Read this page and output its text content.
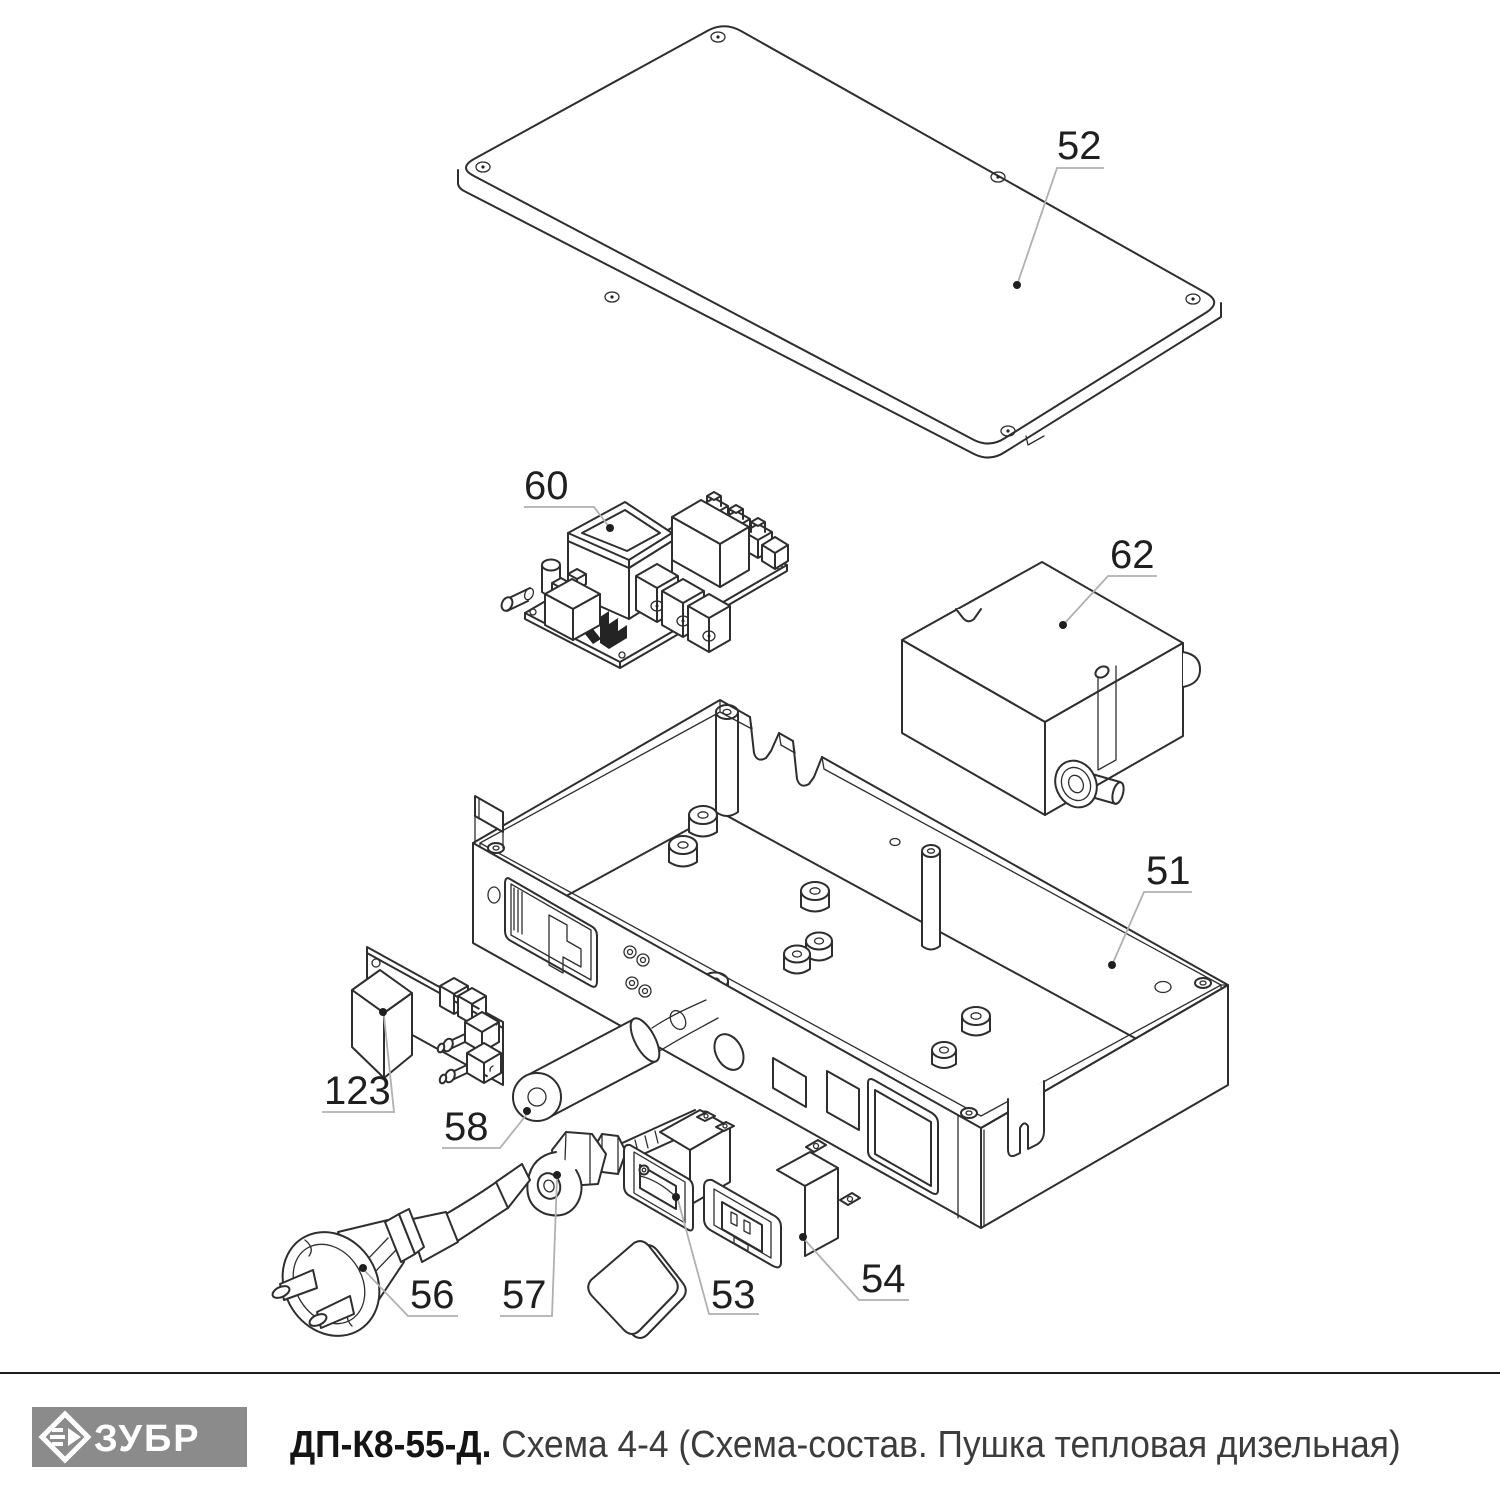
52
60
62
51
123
58
56 57	53	54
ЗУБР ДП-К8-55-Д. Схема 4-4 (Схема-состав. Пушка тепловая дизельная)
